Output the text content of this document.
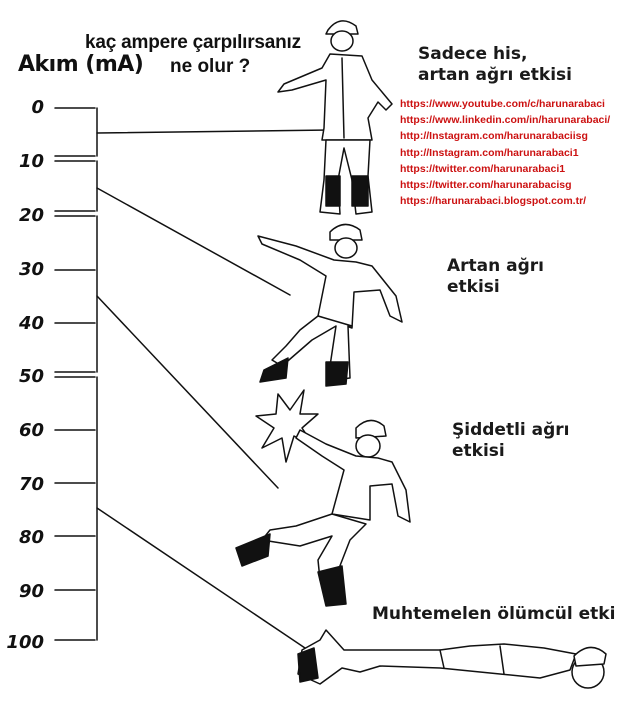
kaç ampere çarpılırsanız

ne olur ?

Akım (mA)

0

10

20

30

40

50

60

70

80

90

100

Sadece his,
artan ağrı etkisi
Artan ağrı
etkisi
Şiddetli ağrı
etkisi
Muhtemelen ölümcül etki
https://www.youtube.com/c/harunarabaci
https://www.linkedin.com/in/harunarabaci/
http://Instagram.com/harunarabaciisg
http://Instagram.com/harunarabaci1
https://twitter.com/harunarabaci1
https://twitter.com/harunarabacisg
https://harunarabaci.blogspot.com.tr/
